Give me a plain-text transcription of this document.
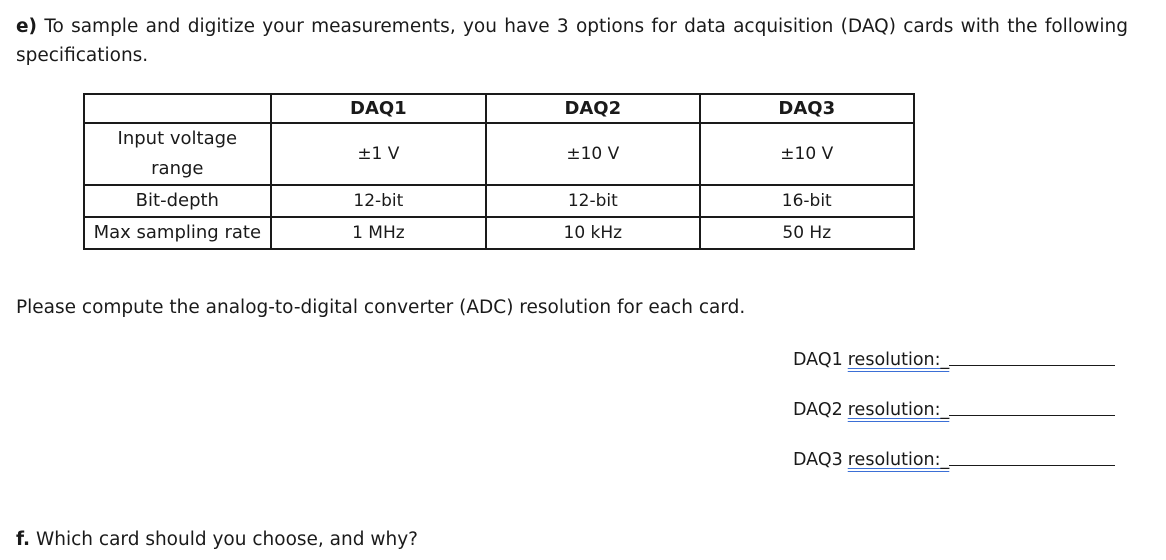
e) To sample and digitize your measurements, you have 3 options for data acquisition (DAQ) cards with the following specifications.
	DAQ1	DAQ2	DAQ3
Input voltage range	±1 V	±10 V	±10 V
Bit-depth	12-bit	12-bit	16-bit
Max sampling rate	1 MHz	10 kHz	50 Hz
Please compute the analog-to-digital converter (ADC) resolution for each card.
DAQ1 resolution:_
DAQ2 resolution:_
DAQ3 resolution:_
f. Which card should you choose, and why?
